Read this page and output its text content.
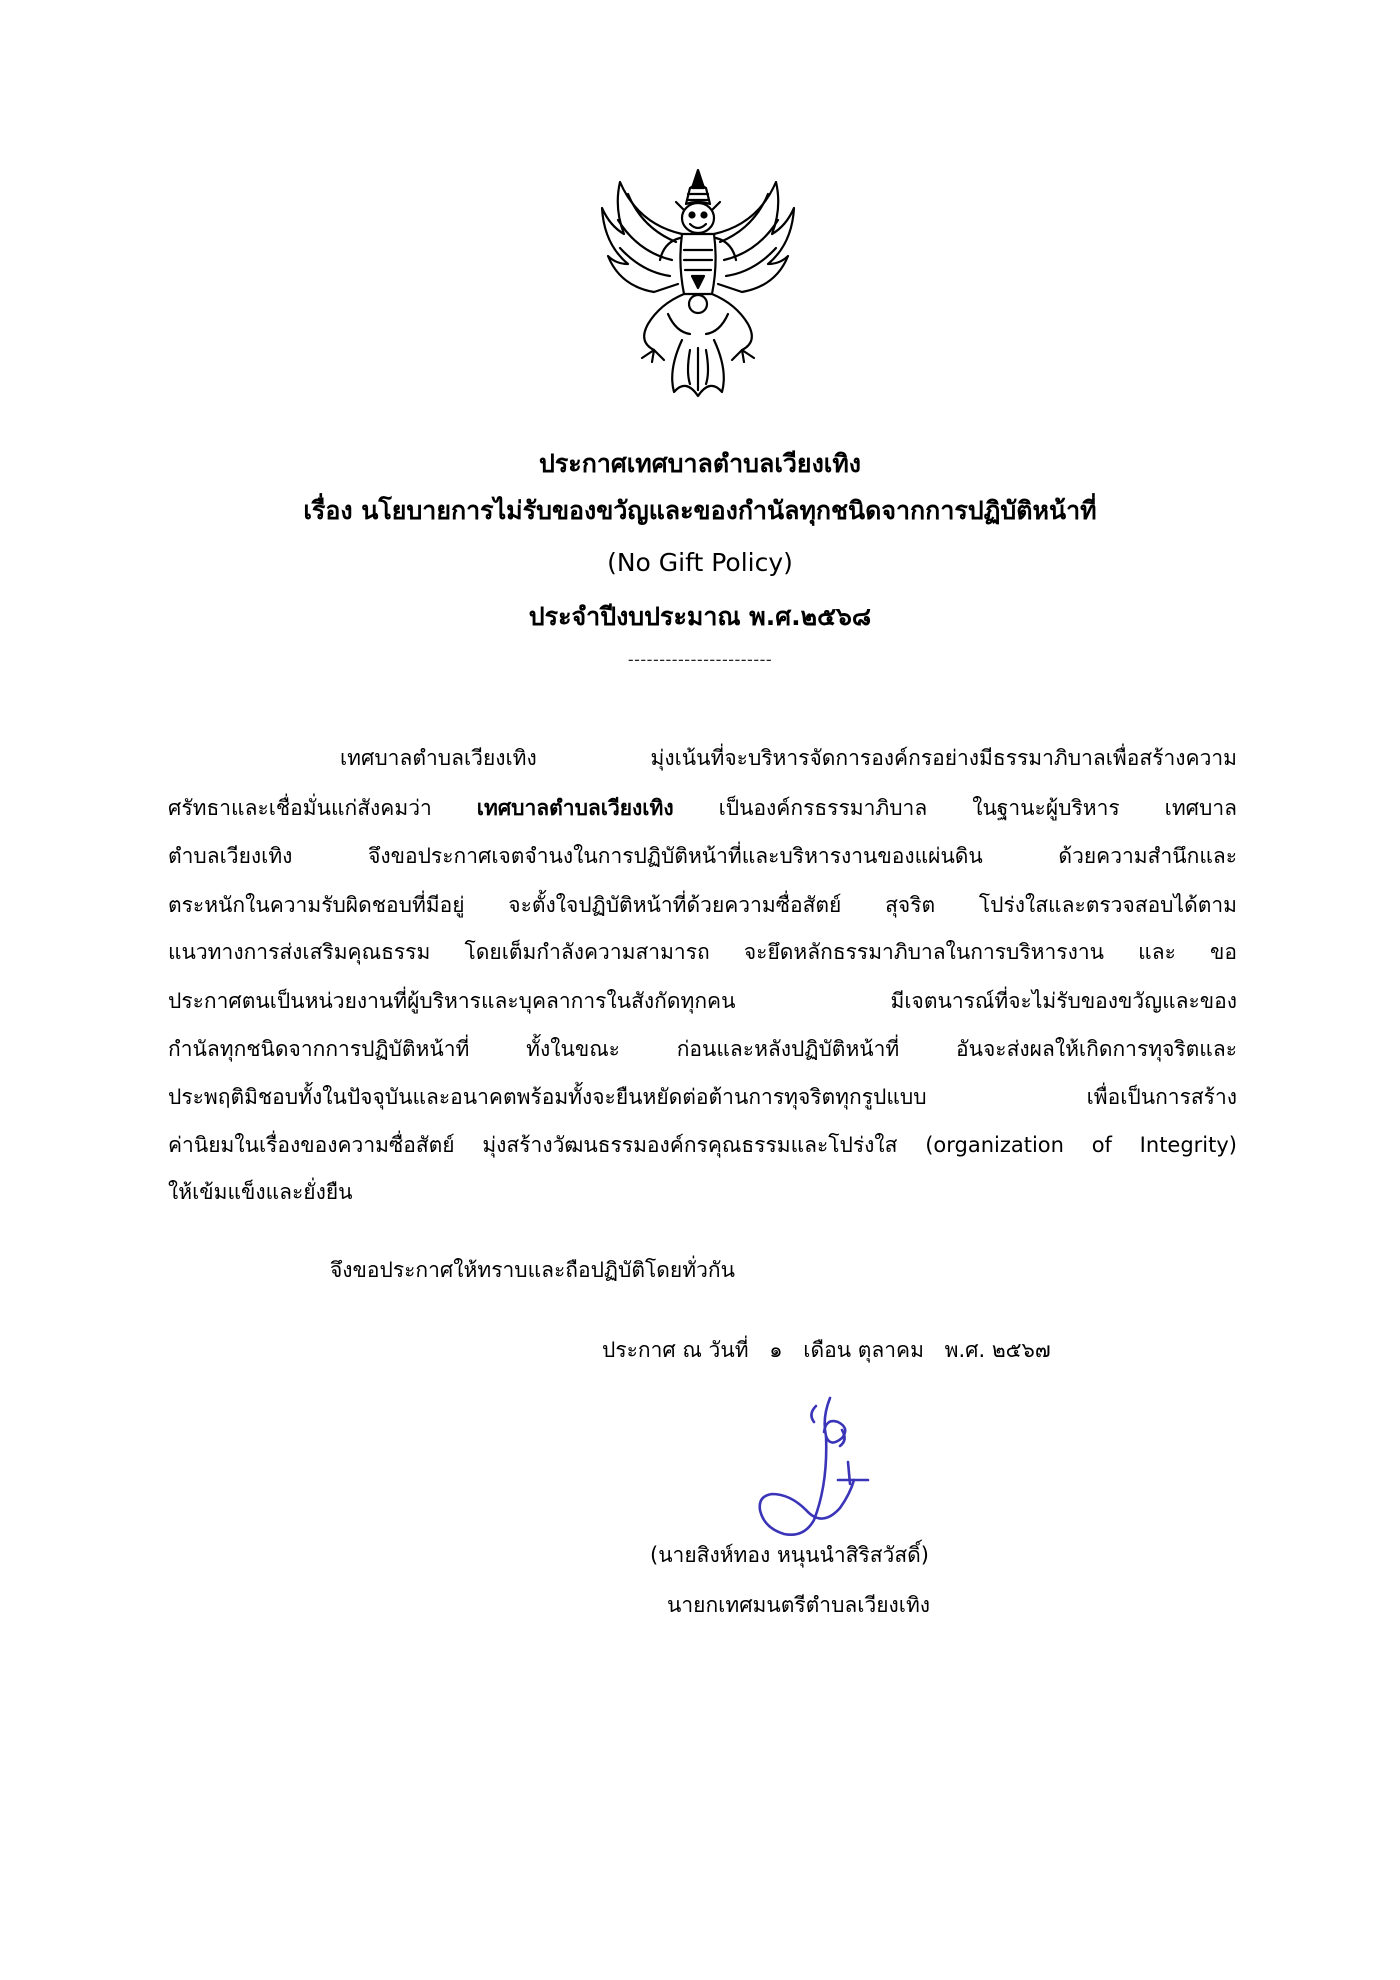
ประกาศเทศบาลตำบลเวียงเทิง
เรื่อง นโยบายการไม่รับของขวัญและของกำนัลทุกชนิดจากการปฏิบัติหน้าที่
(No Gift Policy)
ประจำปีงบประมาณ พ.ศ.๒๕๖๘
-----------------------
เทศบาลตำบลเวียงเทิง มุ่งเน้นที่จะบริหารจัดการองค์กรอย่างมีธรรมาภิบาลเพื่อสร้างความ
ศรัทธาและเชื่อมั่นแก่สังคมว่า เทศบาลตำบลเวียงเทิง เป็นองค์กรธรรมาภิบาล ในฐานะผู้บริหาร เทศบาล
ตำบลเวียงเทิง จึงขอประกาศเจตจำนงในการปฏิบัติหน้าที่และบริหารงานของแผ่นดิน ด้วยความสำนึกและ
ตระหนักในความรับผิดชอบที่มีอยู่ จะตั้งใจปฏิบัติหน้าที่ด้วยความซื่อสัตย์ สุจริต โปร่งใสและตรวจสอบได้ตาม
แนวทางการส่งเสริมคุณธรรม โดยเต็มกำลังความสามารถ จะยึดหลักธรรมาภิบาลในการบริหารงาน และ ขอ
ประกาศตนเป็นหน่วยงานที่ผู้บริหารและบุคลาการในสังกัดทุกคน มีเจตนารณ์ที่จะไม่รับของขวัญและของ
กำนัลทุกชนิดจากการปฏิบัติหน้าที่ ทั้งในขณะ ก่อนและหลังปฏิบัติหน้าที่ อันจะส่งผลให้เกิดการทุจริตและ
ประพฤติมิชอบทั้งในปัจจุบันและอนาคตพร้อมทั้งจะยืนหยัดต่อต้านการทุจริตทุกรูปแบบ เพื่อเป็นการสร้าง
ค่านิยมในเรื่องของความซื่อสัตย์ มุ่งสร้างวัฒนธรรมองค์กรคุณธรรมและโปร่งใส (organization of Integrity)
ให้เข้มแข็งและยั่งยืน
จึงขอประกาศให้ทราบและถือปฏิบัติโดยทั่วกัน
ประกาศ ณ วันที่ ๑ เดือน ตุลาคม พ.ศ. ๒๕๖๗
(นายสิงห์ทอง หนุนนำสิริสวัสดิ์)
นายกเทศมนตรีตำบลเวียงเทิง
